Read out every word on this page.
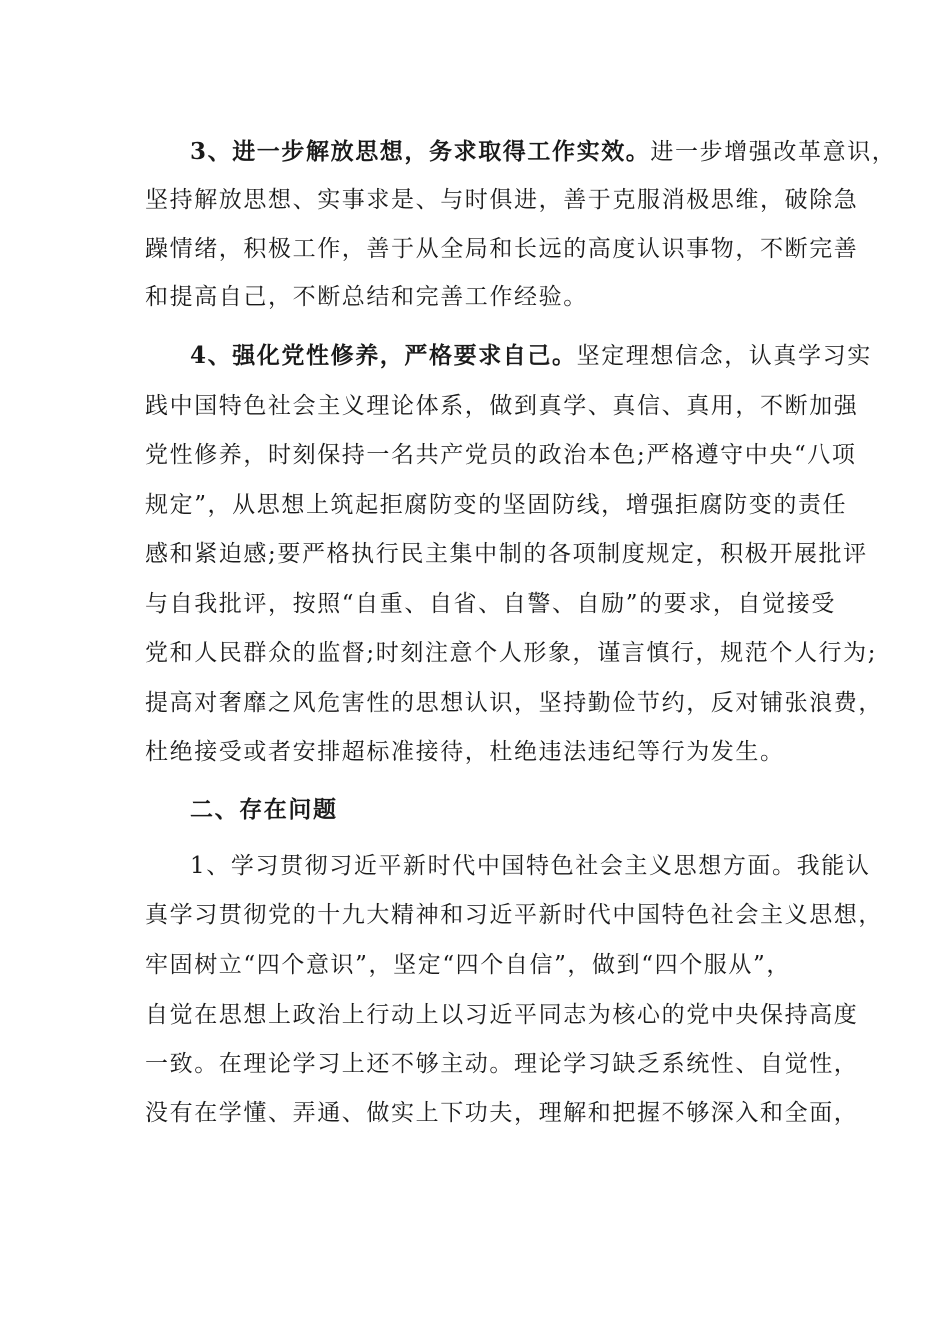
3、进一步解放思想，务求取得工作实效。进一步增强改革意识，
坚持解放思想、实事求是、与时俱进，善于克服消极思维，破除急
躁情绪，积极工作，善于从全局和长远的高度认识事物，不断完善
和提高自己，不断总结和完善工作经验。
4、强化党性修养，严格要求自己。坚定理想信念，认真学习实
践中国特色社会主义理论体系，做到真学、真信、真用，不断加强
党性修养，时刻保持一名共产党员的政治本色;严格遵守中央“八项
规定”，从思想上筑起拒腐防变的坚固防线，增强拒腐防变的责任
感和紧迫感;要严格执行民主集中制的各项制度规定，积极开展批评
与自我批评，按照“自重、自省、自警、自励”的要求，自觉接受
党和人民群众的监督;时刻注意个人形象，谨言慎行，规范个人行为;
提高对奢靡之风危害性的思想认识，坚持勤俭节约，反对铺张浪费，
杜绝接受或者安排超标准接待，杜绝违法违纪等行为发生。
二、存在问题
1、学习贯彻习近平新时代中国特色社会主义思想方面。我能认
真学习贯彻党的十九大精神和习近平新时代中国特色社会主义思想，
牢固树立“四个意识”，坚定“四个自信”，做到“四个服从”，
自觉在思想上政治上行动上以习近平同志为核心的党中央保持高度
一致。在理论学习上还不够主动。理论学习缺乏系统性、自觉性，
没有在学懂、弄通、做实上下功夫，理解和把握不够深入和全面，
